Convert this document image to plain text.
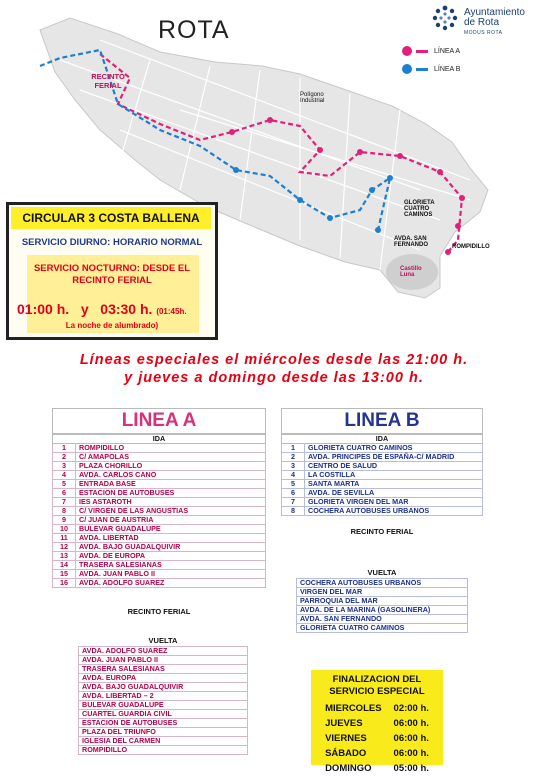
ROTA
Ayuntamiento
de Rota
MODUS ROTA
LÍNEA A
LÍNEA B
RECINTO FERIAL
Polígono Industrial
GLORIETA CUATRO CAMINOS
AVDA. SAN FERNANDO	ROMPIDILLO
Castillo Luna
CIRCULAR 3 COSTA BALLENA
SERVICIO DIURNO: HORARIO NORMAL
SERVICIO NOCTURNO: DESDE EL
RECINTO FERIAL
01:00 h. y 03:30 h. (01:45h.
La noche de alumbrado)
Líneas especiales el miércoles desde las 21:00 h.
y jueves a domingo desde las 13:00 h.
LINEA A
IDA	
1	ROMPIDILLO
2	C/ AMAPOLAS
3	PLAZA CHORILLO
4	AVDA. CARLOS CANO
5	ENTRADA BASE
6	ESTACION DE AUTOBUSES
7	IES ASTAROTH
8	C/ VIRGEN DE LAS ANGUSTIAS
9	C/ JUAN DE AUSTRIA
10	BULEVAR GUADALUPE
11	AVDA. LIBERTAD
12	AVDA. BAJO GUADALQUIVIR
13	AVDA. DE EUROPA
14	TRASERA SALESIANAS
15	AVDA. JUAN PABLO II
16	AVDA. ADOLFO SUAREZ
RECINTO FERIAL
VUELTA
AVDA. ADOLFO SUAREZ
AVDA. JUAN PABLO II
TRASERA SALESIANAS
AVDA. EUROPA
AVDA. BAJO GUADALQUIVIR
AVDA. LIBERTAD – 2
BULEVAR GUADALUPE
CUARTEL GUARDIA CIVIL
ESTACION DE AUTOBUSES
PLAZA DEL TRIUNFO
IGLESIA DEL CARMEN
ROMPIDILLO
LINEA B
IDA	
1	GLORIETA CUATRO CAMINOS
2	AVDA. PRINCIPES DE ESPAÑA-C/ MADRID
3	CENTRO DE SALUD
4	LA COSTILLA
5	SANTA MARTA
6	AVDA. DE SEVILLA
7	GLORIETA VIRGEN DEL MAR
8	COCHERA AUTOBUSES URBANOS
RECINTO FERIAL
VUELTA
COCHERA AUTOBUSES URBANOS
VIRGEN DEL MAR
PARROQUIA DEL MAR
AVDA. DE LA MARINA (GASOLINERA)
AVDA. SAN FERNANDO
GLORIETA CUATRO CAMINOS
FINALIZACION DEL
SERVICIO ESPECIAL
MIERCOLES	02:00 h.
JUEVES	06:00 h.
VIERNES	06:00 h.
SÁBADO	06:00 h.
DOMINGO	05:00 h.
